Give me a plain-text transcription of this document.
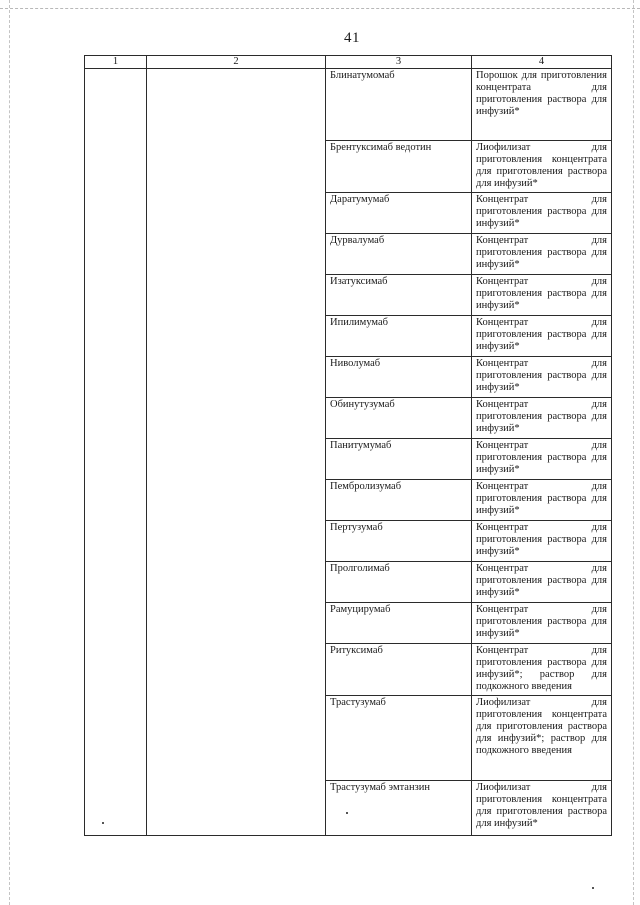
41
1	2	3	4
		Блинатумомаб	Порошок для приготовления концентрата для приготовления раствора для инфузий*
		Брентуксимаб ведотин	Лиофилизат для приготовления концентрата для приготовления раствора для инфузий*
		Даратумумаб	Концентрат для приготовления раствора для инфузий*
		Дурвалумаб	Концентрат для приготовления раствора для инфузий*
		Изатуксимаб	Концентрат для приготовления раствора для инфузий*
		Ипилимумаб	Концентрат для приготовления раствора для инфузий*
		Ниволумаб	Концентрат для приготовления раствора для инфузий*
		Обинутузумаб	Концентрат для приготовления раствора для инфузий*
		Панитумумаб	Концентрат для приготовления раствора для инфузий*
		Пембролизумаб	Концентрат для приготовления раствора для инфузий*
		Пертузумаб	Концентрат для приготовления раствора для инфузий*
		Пролголимаб	Концентрат для приготовления раствора для инфузий*
		Рамуцирумаб	Концентрат для приготовления раствора для инфузий*
		Ритуксимаб	Концентрат для приготовления раствора для инфузий*; раствор для подкожного введения
		Трастузумаб	Лиофилизат для приготовления концентрата для приготовления раствора для инфузий*; раствор для подкожного введения
		Трастузумаб эмтанзин	Лиофилизат для приготовления концентрата для приготовления раствора для инфузий*
